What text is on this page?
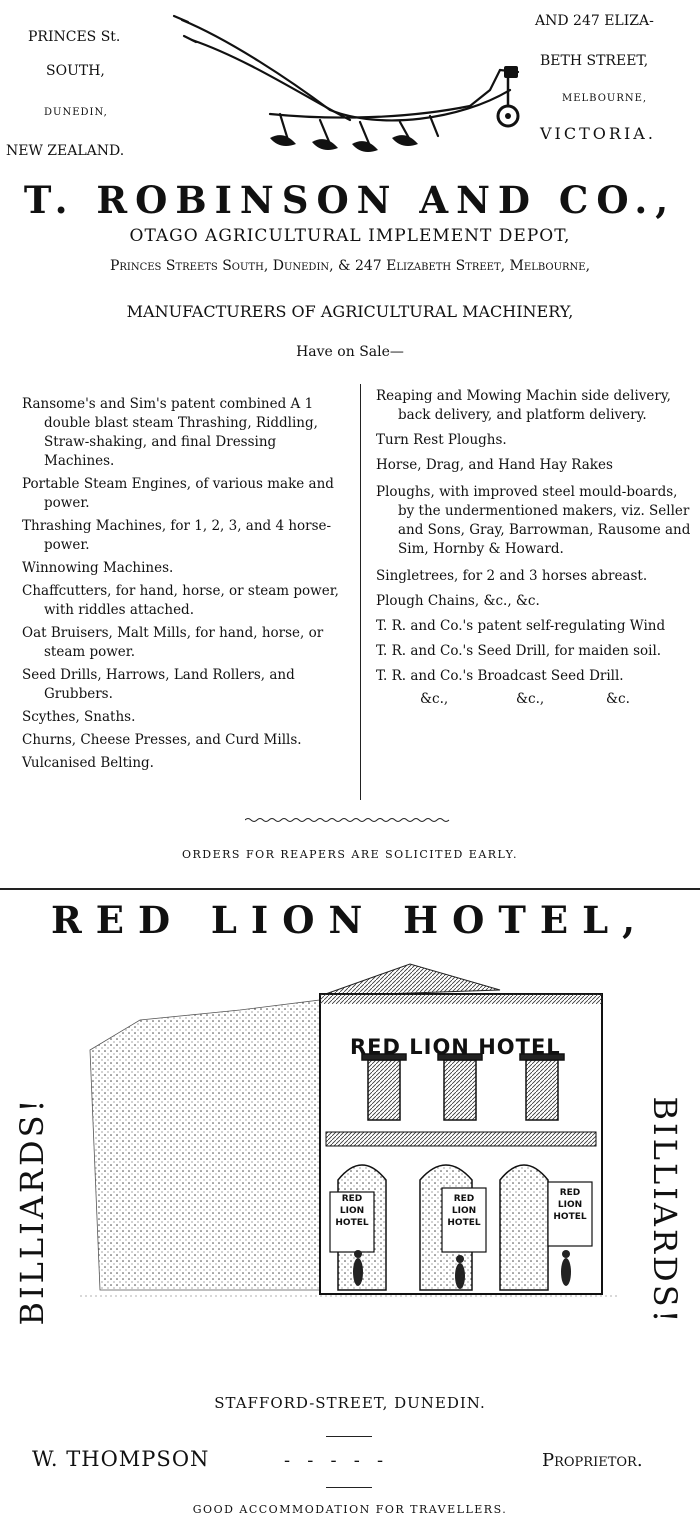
PRINCES St.
SOUTH,
DUNEDIN,
NEW ZEALAND.
AND 247 ELIZA-
BETH STREET,
MELBOURNE,
VICTORIA.
T. ROBINSON AND CO.,
OTAGO AGRICULTURAL IMPLEMENT DEPOT,
Princes Streets South, Dunedin, & 247 Elizabeth Street, Melbourne,
MANUFACTURERS OF AGRICULTURAL MACHINERY,
Have on Sale—

Ransome's and Sim's patent combined A 1 double blast steam Thrashing, Riddling, Straw-shaking, and final Dressing Machines.

Portable Steam Engines, of various make and power.

Thrashing Machines, for 1, 2, 3, and 4 horse-power.

Winnowing Machines.

Chaffcutters, for hand, horse, or steam power, with riddles attached.

Oat Bruisers, Malt Mills, for hand, horse, or steam power.

Seed Drills, Harrows, Land Rollers, and Grubbers.

Scythes, Snaths.

Churns, Cheese Presses, and Curd Mills.

Vulcanised Belting.

Reaping and Mowing Machin side delivery, back delivery, and platform delivery.

Turn Rest Ploughs.

Horse, Drag, and Hand Hay Rakes

Ploughs, with improved steel mould-boards, by the undermentioned makers, viz. Seller and Sons, Gray, Barrowman, Rausome and Sim, Hornby & Howard.

Singletrees, for 2 and 3 horses abreast.

Plough Chains, &c., &c.

T. R. and Co.'s patent self-regulating Wind

T. R. and Co.'s Seed Drill, for maiden soil.

T. R. and Co.'s Broadcast Seed Drill.

&c.,	&c.,	&c.
ORDERS FOR REAPERS ARE SOLICITED EARLY.
RED LION HOTEL,
BILLIARDS!	BILLIARDS!
RED LION HOTEL
RED
LION
HOTEL
RED
LION
HOTEL
RED
LION
HOTEL
STAFFORD-STREET, DUNEDIN.
W. THOMPSON	-   -   -   -   -	Proprietor.
GOOD ACCOMMODATION FOR TRAVELLERS.
